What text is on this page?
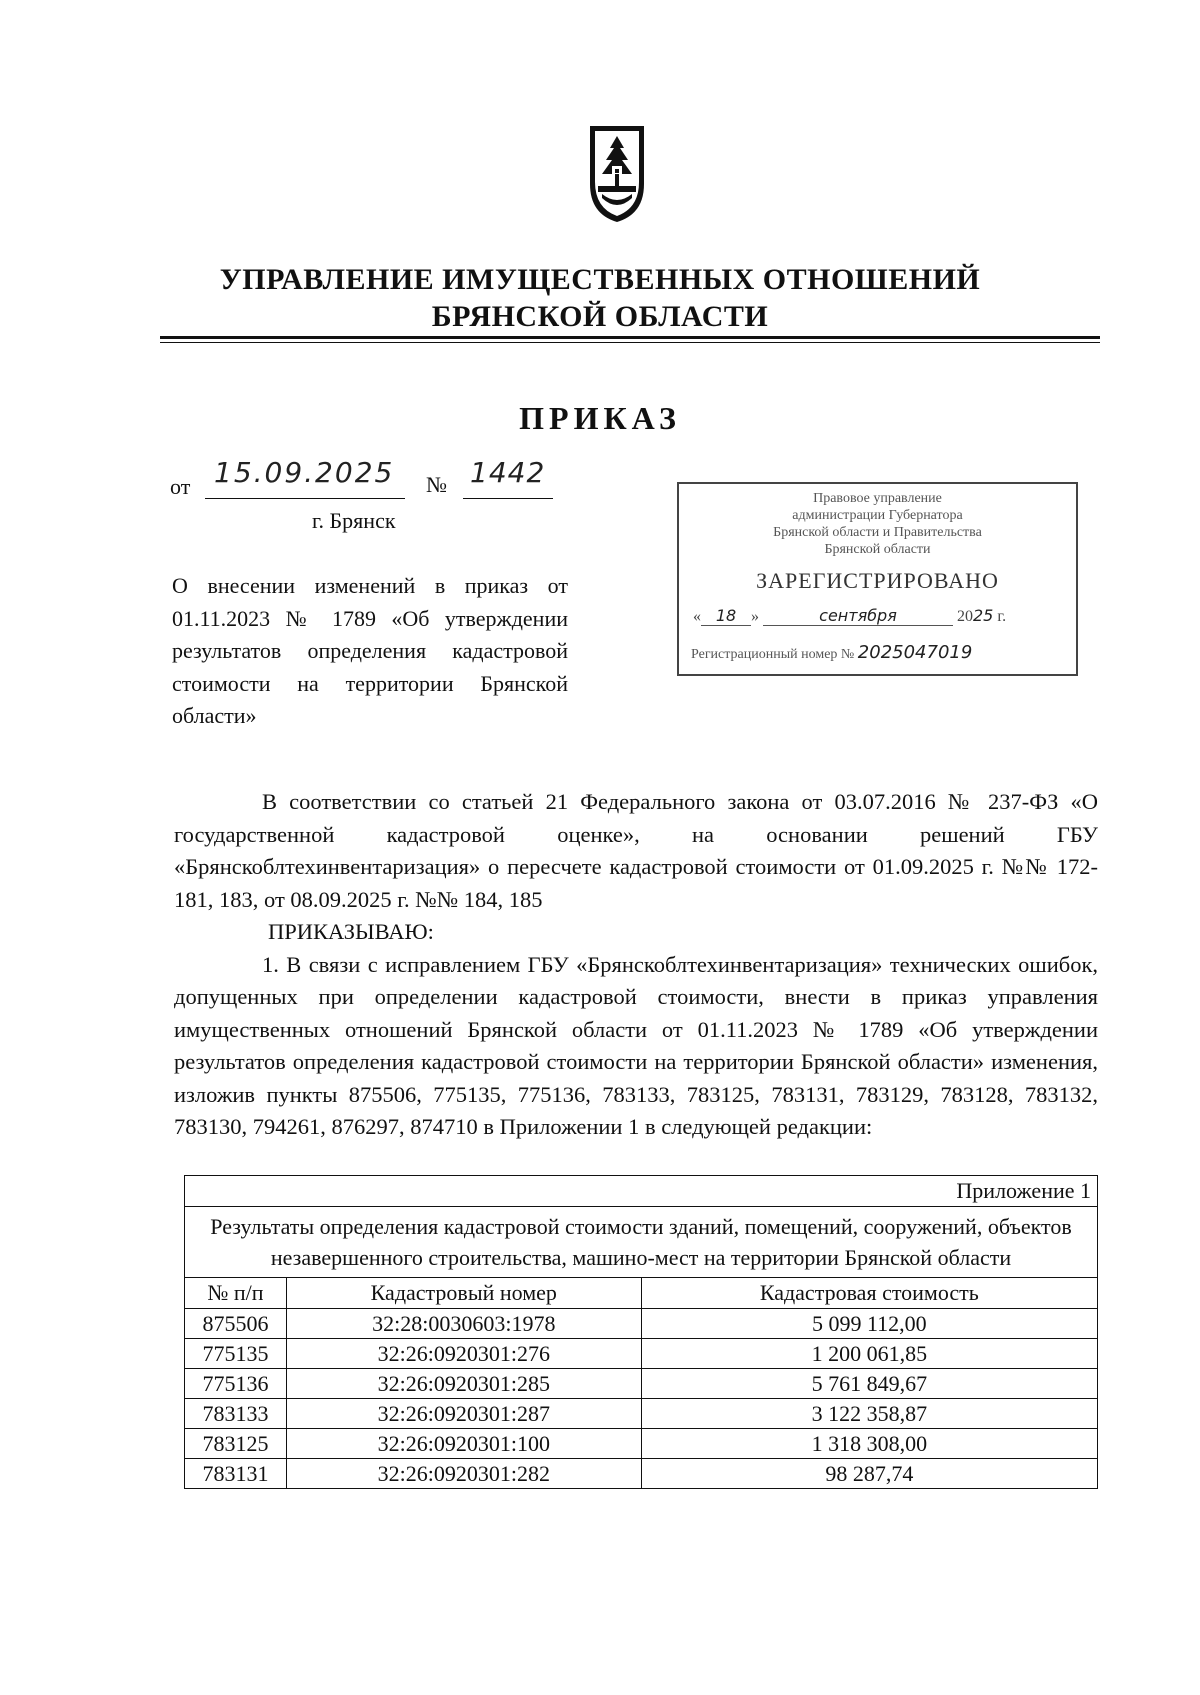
УПРАВЛЕНИЕ ИМУЩЕСТВЕННЫХ ОТНОШЕНИЙ
БРЯНСКОЙ ОБЛАСТИ
ПРИКАЗ
от 15.09.2025 № 1442
г. Брянск
О внесении изменений в приказ от 01.11.2023 № 1789 «Об утверждении результатов определения кадастровой стоимости на территории Брянской области»
Правовое управление
администрации Губернатора
Брянской области и Правительства
Брянской области
ЗАРЕГИСТРИРОВАНО
« 18 »	сентября	2025 г.
Регистрационный номер № 2025047019

В соответствии со статьей 21 Федерального закона от 03.07.2016 № 237-ФЗ «О государственной кадастровой оценке», на основании решений ГБУ «Брянскоблтехинвентаризация» о пересчете кадастровой стоимости от 01.09.2025 г. №№ 172-181, 183, от 08.09.2025 г. №№ 184, 185

ПРИКАЗЫВАЮ:

1. В связи с исправлением ГБУ «Брянскоблтехинвентаризация» технических ошибок, допущенных при определении кадастровой стоимости, внести в приказ управления имущественных отношений Брянской области от 01.11.2023 № 1789 «Об утверждении результатов определения кадастровой стоимости на территории Брянской области» изменения, изложив пункты 875506, 775135, 775136, 783133, 783125, 783131, 783129, 783128, 783132, 783130, 794261, 876297, 874710 в Приложении 1 в следующей редакции:

Приложение 1		
Результаты определения кадастровой стоимости зданий, помещений, сооружений, объектов незавершенного строительства, машино-мест на территории Брянской области		
№ п/п	Кадастровый номер	Кадастровая стоимость
875506	32:28:0030603:1978	5 099 112,00
775135	32:26:0920301:276	1 200 061,85
775136	32:26:0920301:285	5 761 849,67
783133	32:26:0920301:287	3 122 358,87
783125	32:26:0920301:100	1 318 308,00
783131	32:26:0920301:282	98 287,74
